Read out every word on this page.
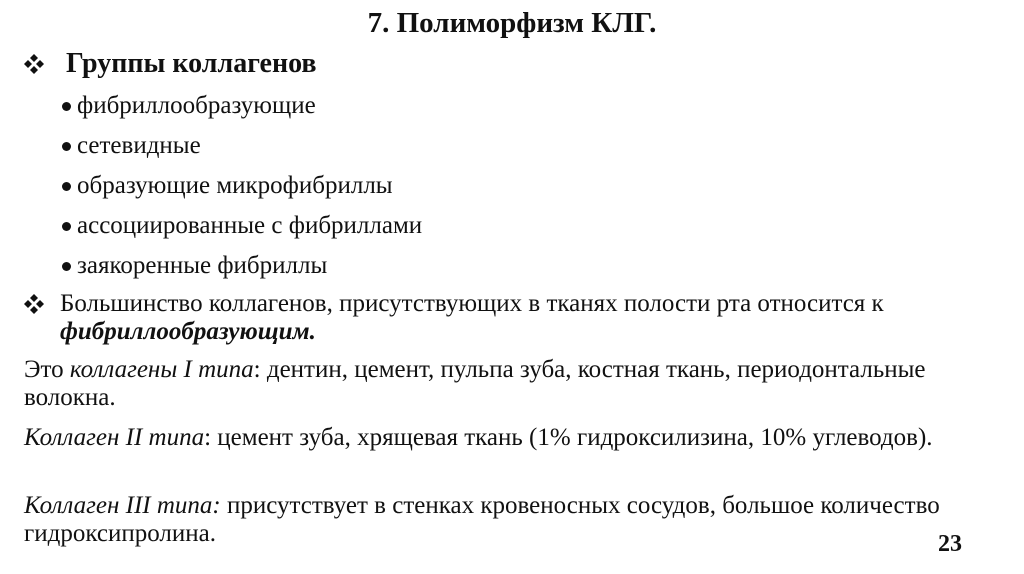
7. Полиморфизм КЛГ.
Группы коллагенов
фибриллообразующие
сетевидные
образующие микрофибриллы
ассоциированные с фибриллами
заякоренные фибриллы
Большинство коллагенов, присутствующих в тканях полости рта относится к фибриллообразующим.
Это коллагены I типа: дентин, цемент, пульпа зуба, костная ткань, периодонтальные волокна.
Коллаген II типа: цемент зуба, хрящевая ткань (1% гидроксилизина, 10% углеводов).
Коллаген III типа: присутствует в стенках кровеносных сосудов, большое количество гидроксипролина.	23
